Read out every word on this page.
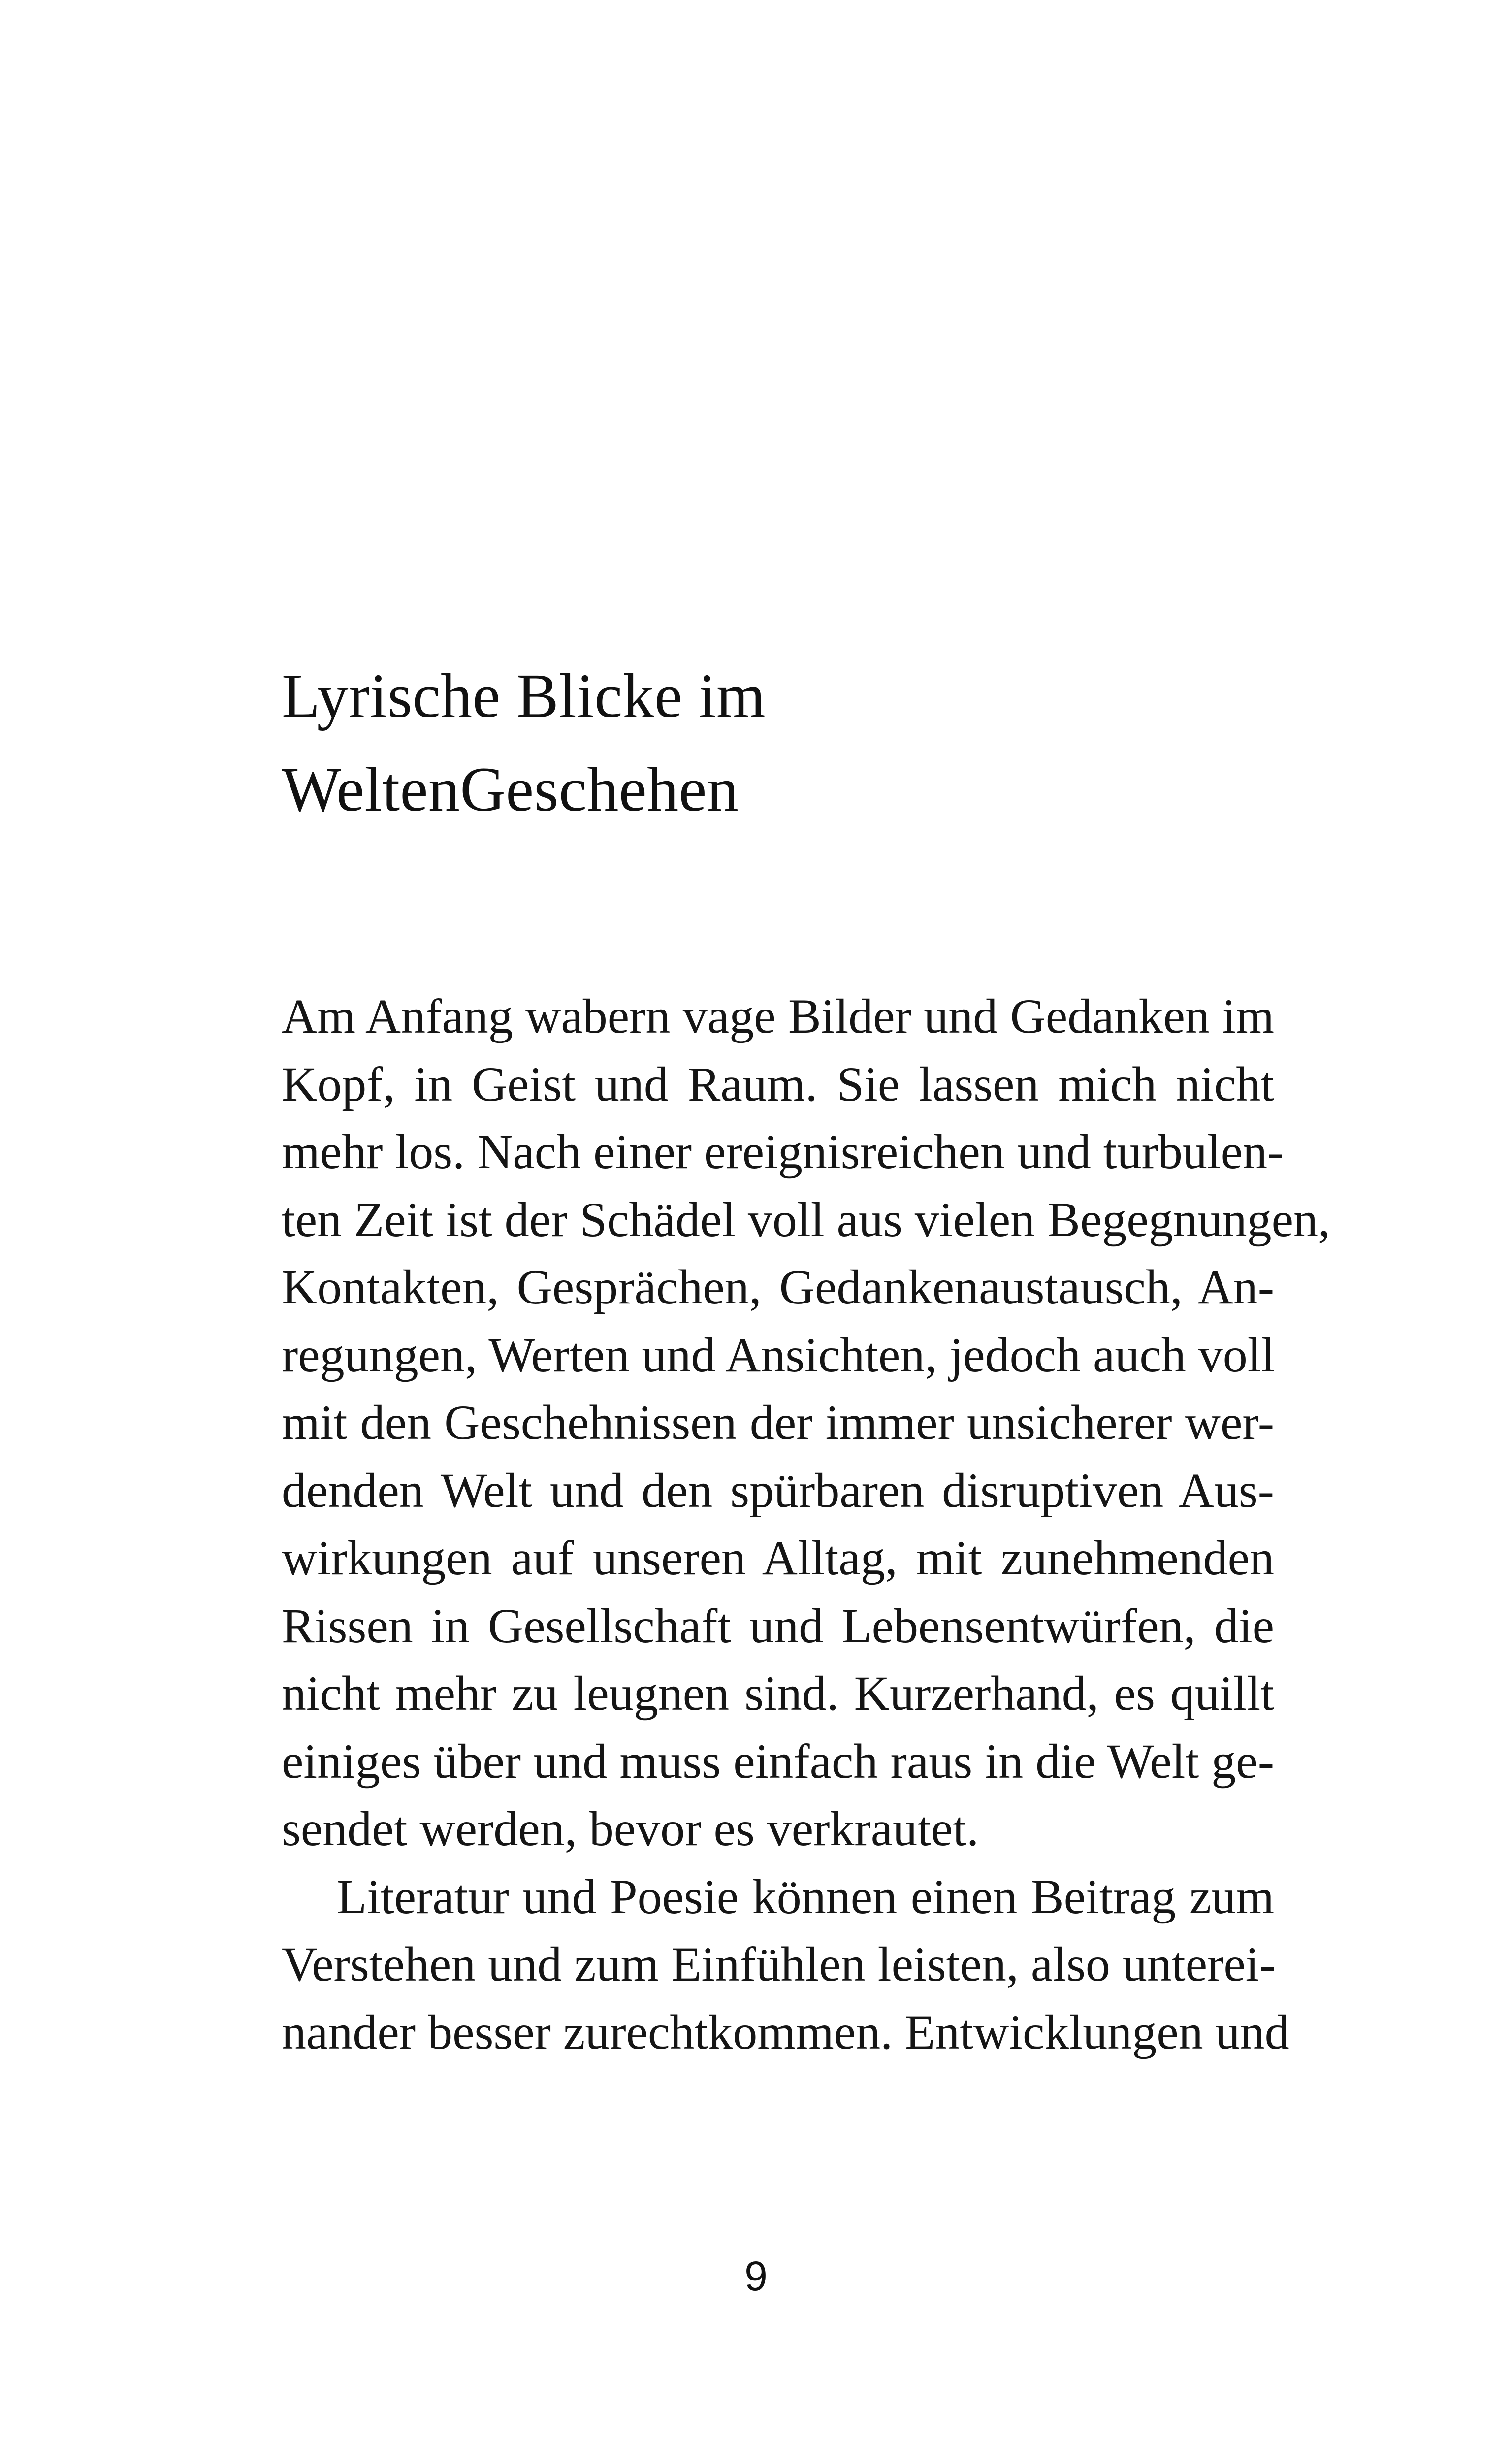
Lyrische Blicke im
WeltenGeschehen
Am Anfang wabern vage Bilder und Gedanken im
Kopf, in Geist und Raum. Sie lassen mich nicht
mehr los. Nach einer ereignisreichen und turbulen-
ten Zeit ist der Schädel voll aus vielen Begegnungen,
Kontakten, Gesprächen, Gedankenaustausch, An-
regungen, Werten und Ansichten, jedoch auch voll
mit den Geschehnissen der immer unsicherer wer-
denden Welt und den spürbaren disruptiven Aus-
wirkungen auf unseren Alltag, mit zunehmenden
Rissen in Gesellschaft und Lebensentwürfen, die
nicht mehr zu leugnen sind. Kurzerhand, es quillt
einiges über und muss einfach raus in die Welt ge-
sendet werden, bevor es verkrautet.
Literatur und Poesie können einen Beitrag zum
Verstehen und zum Einfühlen leisten, also unterei-
nander besser zurechtkommen. Entwicklungen und
9
